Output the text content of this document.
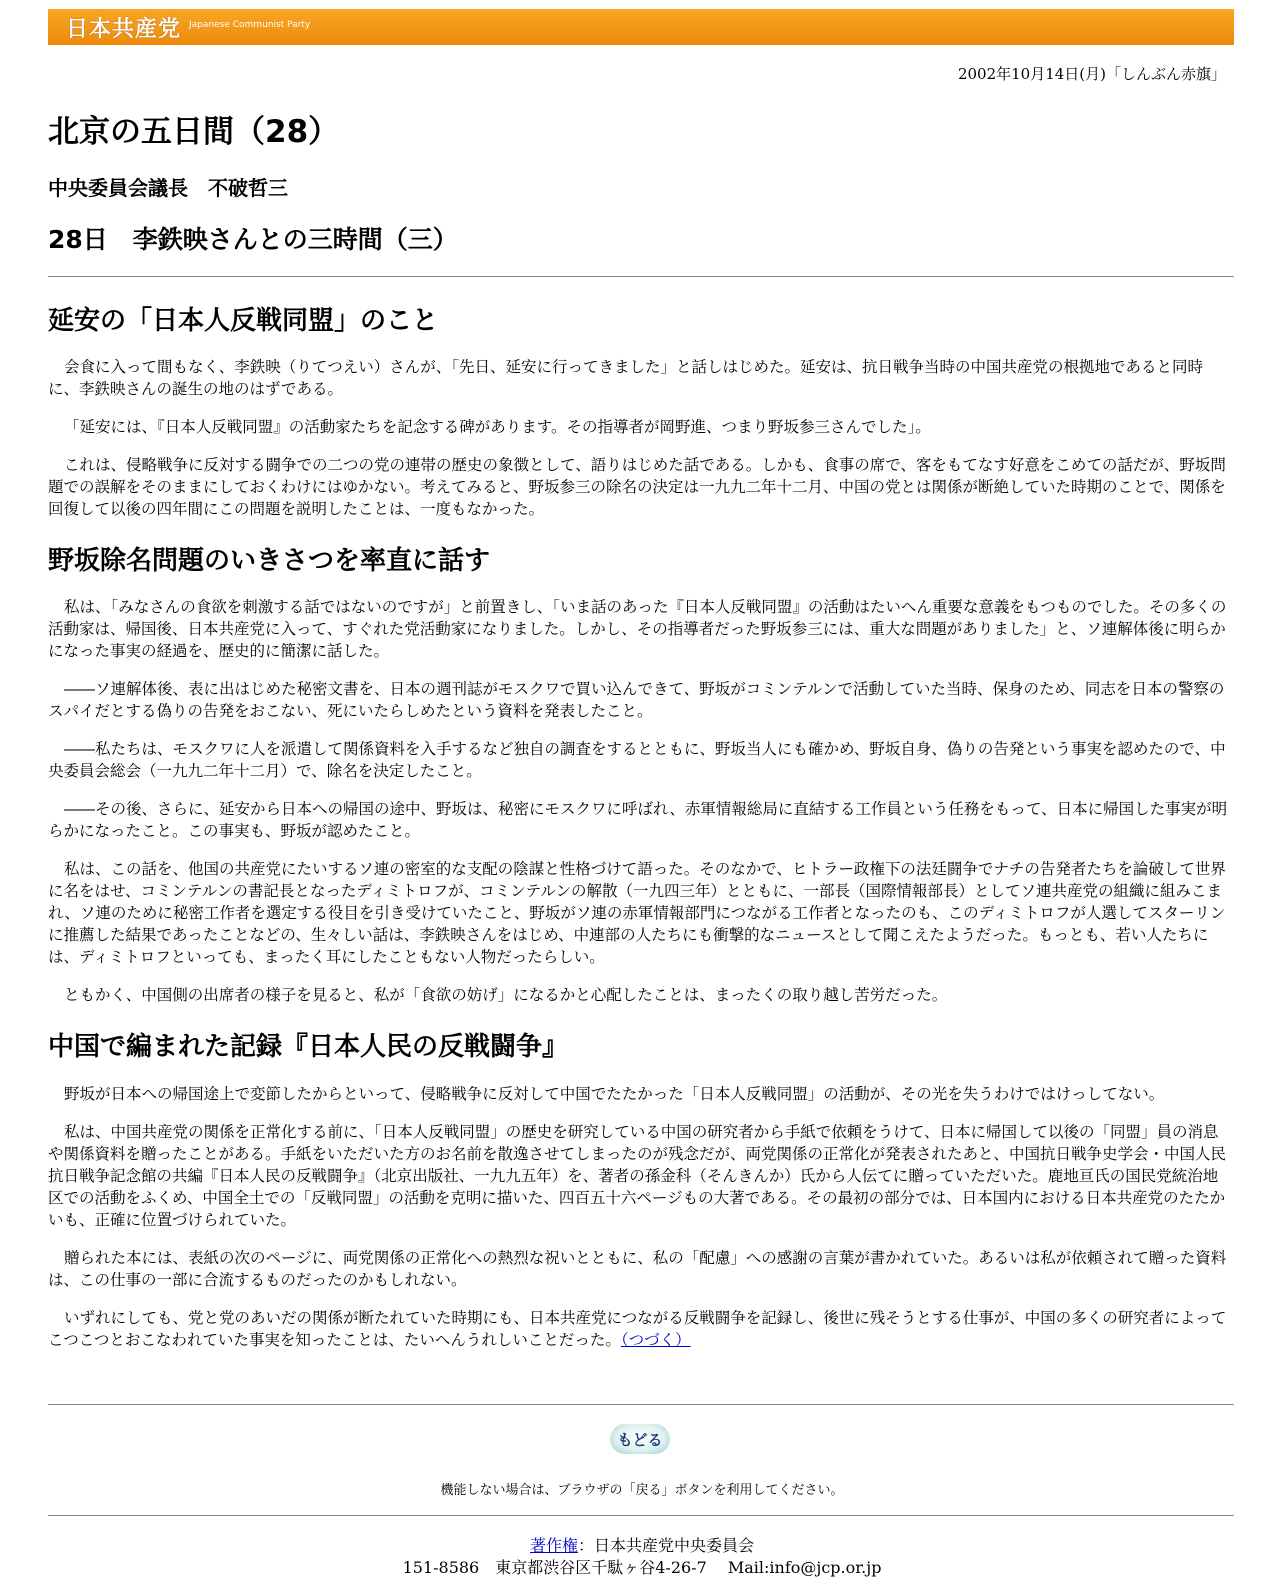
日本共産党 Japanese Communist Party
2002年10月14日(月)「しんぶん赤旗」
北京の五日間（28）
中央委員会議長　不破哲三
28日　李鉄映さんとの三時間（三）
延安の「日本人反戦同盟」のこと

会食に入って間もなく、李鉄映（りてつえい）さんが、「先日、延安に行ってきました」と話しはじめた。延安は、抗日戦争当時の中国共産党の根拠地であると同時に、李鉄映さんの誕生の地のはずである。

「延安には、『日本人反戦同盟』の活動家たちを記念する碑があります。その指導者が岡野進、つまり野坂参三さんでした」。

これは、侵略戦争に反対する闘争での二つの党の連帯の歴史の象徴として、語りはじめた話である。しかも、食事の席で、客をもてなす好意をこめての話だが、野坂問題での誤解をそのままにしておくわけにはゆかない。考えてみると、野坂参三の除名の決定は一九九二年十二月、中国の党とは関係が断絶していた時期のことで、関係を回復して以後の四年間にこの問題を説明したことは、一度もなかった。

野坂除名問題のいきさつを率直に話す

私は、「みなさんの食欲を刺激する話ではないのですが」と前置きし、「いま話のあった『日本人反戦同盟』の活動はたいへん重要な意義をもつものでした。その多くの活動家は、帰国後、日本共産党に入って、すぐれた党活動家になりました。しかし、その指導者だった野坂参三には、重大な問題がありました」と、ソ連解体後に明らかになった事実の経過を、歴史的に簡潔に話した。

――ソ連解体後、表に出はじめた秘密文書を、日本の週刊誌がモスクワで買い込んできて、野坂がコミンテルンで活動していた当時、保身のため、同志を日本の警察のスパイだとする偽りの告発をおこない、死にいたらしめたという資料を発表したこと。

――私たちは、モスクワに人を派遣して関係資料を入手するなど独自の調査をするとともに、野坂当人にも確かめ、野坂自身、偽りの告発という事実を認めたので、中央委員会総会（一九九二年十二月）で、除名を決定したこと。

――その後、さらに、延安から日本への帰国の途中、野坂は、秘密にモスクワに呼ばれ、赤軍情報総局に直結する工作員という任務をもって、日本に帰国した事実が明らかになったこと。この事実も、野坂が認めたこと。

私は、この話を、他国の共産党にたいするソ連の密室的な支配の陰謀と性格づけて語った。そのなかで、ヒトラー政権下の法廷闘争でナチの告発者たちを論破して世界に名をはせ、コミンテルンの書記長となったディミトロフが、コミンテルンの解散（一九四三年）とともに、一部長（国際情報部長）としてソ連共産党の組織に組みこまれ、ソ連のために秘密工作者を選定する役目を引き受けていたこと、野坂がソ連の赤軍情報部門につながる工作者となったのも、このディミトロフが人選してスターリンに推薦した結果であったことなどの、生々しい話は、李鉄映さんをはじめ、中連部の人たちにも衝撃的なニュースとして聞こえたようだった。もっとも、若い人たちには、ディミトロフといっても、まったく耳にしたこともない人物だったらしい。

ともかく、中国側の出席者の様子を見ると、私が「食欲の妨げ」になるかと心配したことは、まったくの取り越し苦労だった。

中国で編まれた記録『日本人民の反戦闘争』

野坂が日本への帰国途上で変節したからといって、侵略戦争に反対して中国でたたかった「日本人反戦同盟」の活動が、その光を失うわけではけっしてない。

私は、中国共産党の関係を正常化する前に、「日本人反戦同盟」の歴史を研究している中国の研究者から手紙で依頼をうけて、日本に帰国して以後の「同盟」員の消息や関係資料を贈ったことがある。手紙をいただいた方のお名前を散逸させてしまったのが残念だが、両党関係の正常化が発表されたあと、中国抗日戦争史学会・中国人民抗日戦争記念館の共編『日本人民の反戦闘争』（北京出版社、一九九五年）を、著者の孫金科（そんきんか）氏から人伝てに贈っていただいた。鹿地亘氏の国民党統治地区での活動をふくめ、中国全土での「反戦同盟」の活動を克明に描いた、四百五十六ページもの大著である。その最初の部分では、日本国内における日本共産党のたたかいも、正確に位置づけられていた。

贈られた本には、表紙の次のページに、両党関係の正常化への熱烈な祝いとともに、私の「配慮」への感謝の言葉が書かれていた。あるいは私が依頼されて贈った資料は、この仕事の一部に合流するものだったのかもしれない。

いずれにしても、党と党のあいだの関係が断たれていた時期にも、日本共産党につながる反戦闘争を記録し、後世に残そうとする仕事が、中国の多くの研究者によってこつこつとおこなわれていた事実を知ったことは、たいへんうれしいことだった。（つづく）

もどる
機能しない場合は、ブラウザの「戻る」ボタンを利用してください。
著作権：日本共産党中央委員会
151-8586　東京都渋谷区千駄ヶ谷4-26-7　 Mail:info@jcp.or.jp
